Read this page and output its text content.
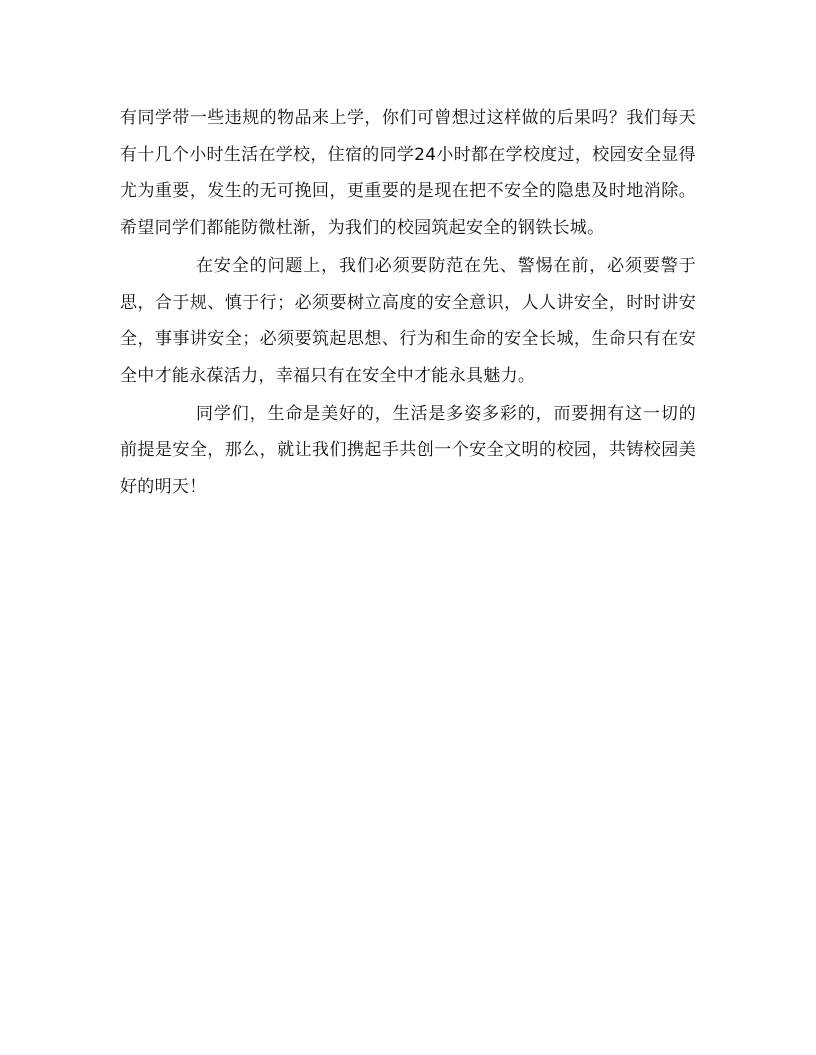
有同学带一些违规的物品来上学，你们可曾想过这样做的后果吗？我们每天有十几个小时生活在学校，住宿的同学24小时都在学校度过，校园安全显得尤为重要，发生的无可挽回，更重要的是现在把不安全的隐患及时地消除。希望同学们都能防微杜渐，为我们的校园筑起安全的钢铁长城。

在安全的问题上，我们必须要防范在先、警惕在前，必须要警于思，合于规、慎于行；必须要树立高度的安全意识，人人讲安全，时时讲安全，事事讲安全；必须要筑起思想、行为和生命的安全长城，生命只有在安全中才能永葆活力，幸福只有在安全中才能永具魅力。

同学们，生命是美好的，生活是多姿多彩的，而要拥有这一切的前提是安全，那么，就让我们携起手共创一个安全文明的校园，共铸校园美好的明天！
